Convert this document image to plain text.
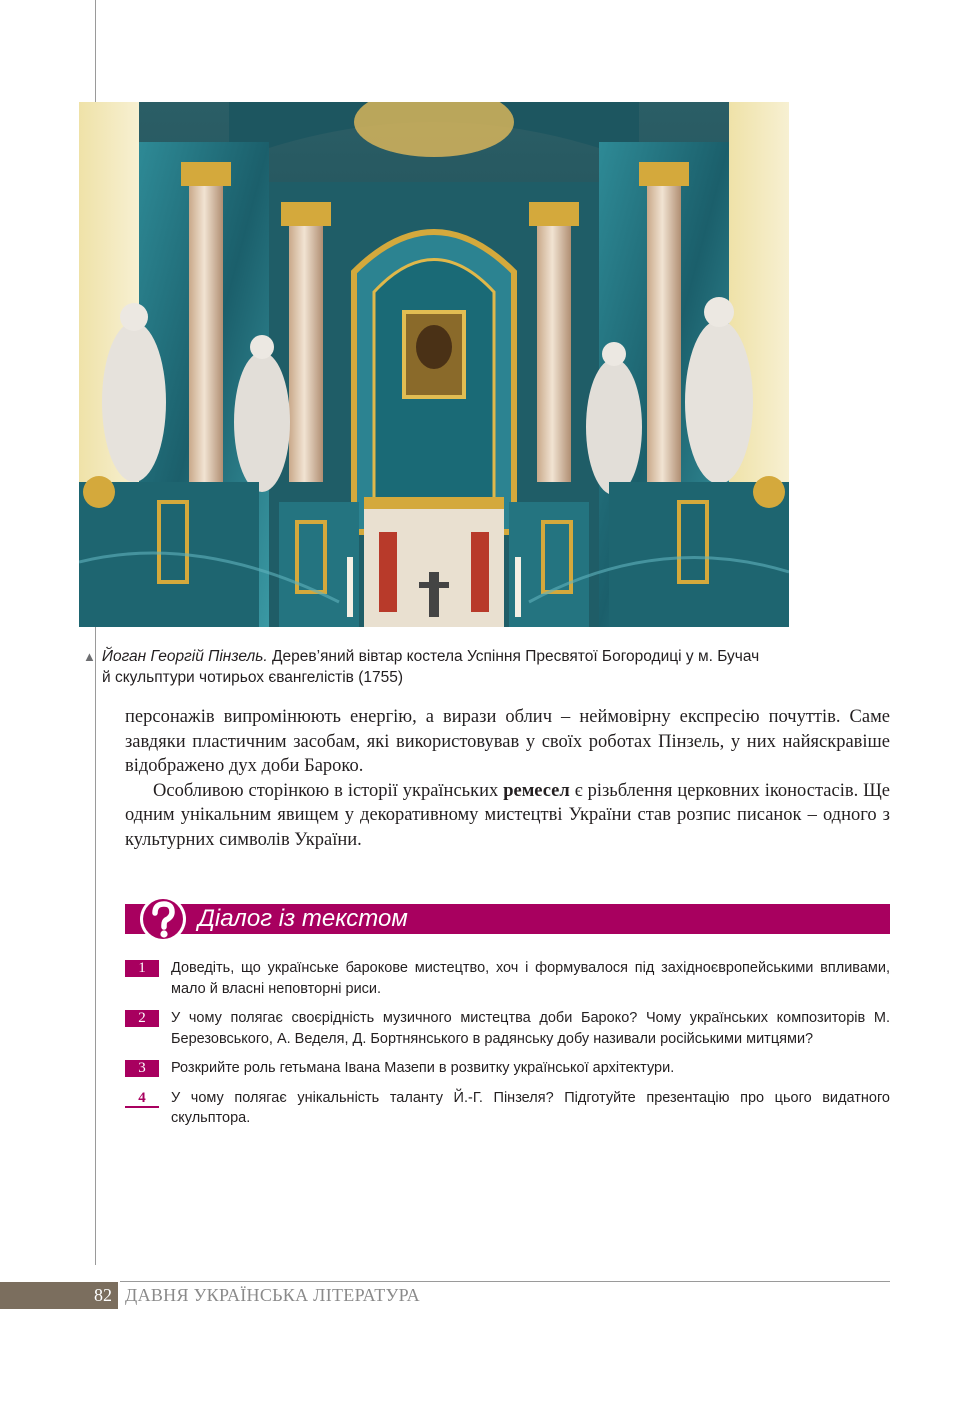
▲ Йоган Георгій Пінзель. Дерев’яний вівтар костела Успіння Пресвятої Богородиці у м. Бучач
й скульптури чотирьох євангелістів (1755)

персонажів випромінюють енергію, а вирази облич – неймовірну експресію почуттів. Саме завдяки пластичним засобам, які використовував у своїх роботах Пінзель, у них найяскравіше відображено дух доби Бароко.

Особливою сторінкою в історії українських ремесел є різьблення церковних іконостасів. Ще одним унікальним явищем у декоративному мистецтві України став розпис писанок – одного з культурних символів України.

Діалог із текстом
1	Доведіть, що українське барокове мистецтво, хоч і формувалося під західноєвропейськими впливами, мало й власні неповторні риси.
2	У чому полягає своєрідність музичного мистецтва доби Бароко? Чому українських композиторів М. Березовського, А. Веделя, Д. Бортнянського в радянську добу називали російськими митцями?
3	Розкрийте роль гетьмана Івана Мазепи в розвитку української архітектури.
4	У чому полягає унікальність таланту Й.-Г. Пінзеля? Підготуйте презентацію про цього видатного скульптора.
82 ДАВНЯ УКРАЇНСЬКА ЛІТЕРАТУРА
